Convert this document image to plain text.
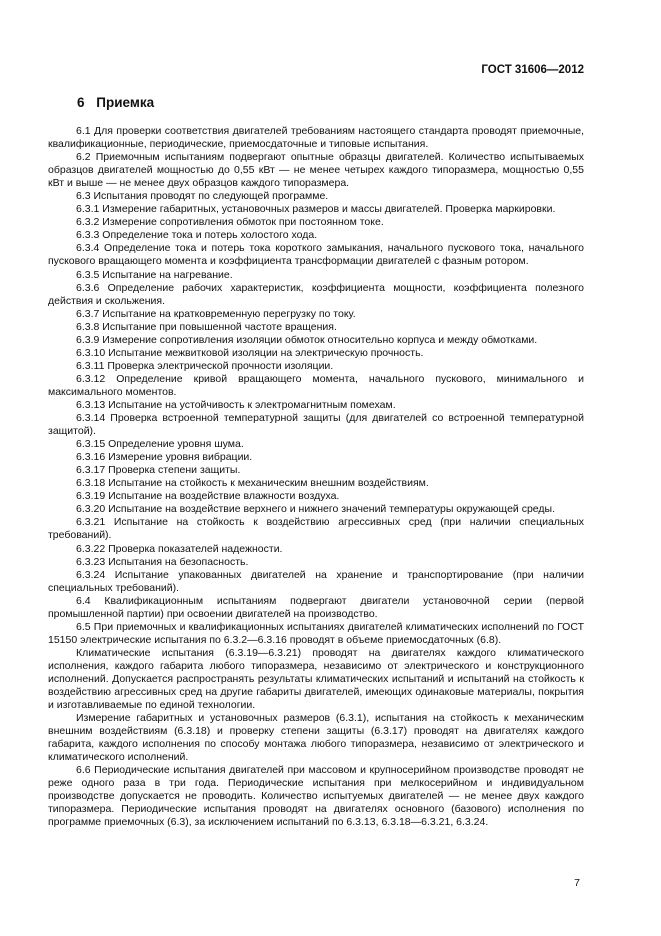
ГОСТ 31606—2012
6 Приемка

6.1 Для проверки соответствия двигателей требованиям настоящего стандарта проводят приемочные, квалификационные, периодические, приемосдаточные и типовые испытания.

6.2 Приемочным испытаниям подвергают опытные образцы двигателей. Количество испытываемых образцов двигателей мощностью до 0,55 кВт — не менее четырех каждого типоразмера, мощностью 0,55 кВт и выше — не менее двух образцов каждого типоразмера.

6.3 Испытания проводят по следующей программе.

6.3.1 Измерение габаритных, установочных размеров и массы двигателей. Проверка маркировки.

6.3.2 Измерение сопротивления обмоток при постоянном токе.

6.3.3 Определение тока и потерь холостого хода.

6.3.4 Определение тока и потерь тока короткого замыкания, начального пускового тока, начального пускового вращающего момента и коэффициента трансформации двигателей с фазным ротором.

6.3.5 Испытание на нагревание.

6.3.6 Определение рабочих характеристик, коэффициента мощности, коэффициента полезного действия и скольжения.

6.3.7 Испытание на кратковременную перегрузку по току.

6.3.8 Испытание при повышенной частоте вращения.

6.3.9 Измерение сопротивления изоляции обмоток относительно корпуса и между обмотками.

6.3.10 Испытание межвитковой изоляции на электрическую прочность.

6.3.11 Проверка электрической прочности изоляции.

6.3.12 Определение кривой вращающего момента, начального пускового, минимального и максимального моментов.

6.3.13 Испытание на устойчивость к электромагнитным помехам.

6.3.14 Проверка встроенной температурной защиты (для двигателей со встроенной температурной защитой).

6.3.15 Определение уровня шума.

6.3.16 Измерение уровня вибрации.

6.3.17 Проверка степени защиты.

6.3.18 Испытание на стойкость к механическим внешним воздействиям.

6.3.19 Испытание на воздействие влажности воздуха.

6.3.20 Испытание на воздействие верхнего и нижнего значений температуры окружающей среды.

6.3.21 Испытание на стойкость к воздействию агрессивных сред (при наличии специальных требований).

6.3.22 Проверка показателей надежности.

6.3.23 Испытания на безопасность.

6.3.24 Испытание упакованных двигателей на хранение и транспортирование (при наличии специальных требований).

6.4 Квалификационным испытаниям подвергают двигатели установочной серии (первой промышленной партии) при освоении двигателей на производство.

6.5 При приемочных и квалификационных испытаниях двигателей климатических исполнений по ГОСТ 15150 электрические испытания по 6.3.2—6.3.16 проводят в объеме приемосдаточных (6.8).

Климатические испытания (6.3.19—6.3.21) проводят на двигателях каждого климатического исполнения, каждого габарита любого типоразмера, независимо от электрического и конструкционного исполнений. Допускается распространять результаты климатических испытаний и испытаний на стойкость к воздействию агрессивных сред на другие габариты двигателей, имеющих одинаковые материалы, покрытия и изготавливаемые по единой технологии.

Измерение габаритных и установочных размеров (6.3.1), испытания на стойкость к механическим внешним воздействиям (6.3.18) и проверку степени защиты (6.3.17) проводят на двигателях каждого габарита, каждого исполнения по способу монтажа любого типоразмера, независимо от электрического и климатического исполнений.

6.6 Периодические испытания двигателей при массовом и крупносерийном производстве проводят не реже одного раза в три года. Периодические испытания при мелкосерийном и индивидуальном производстве допускается не проводить. Количество испытуемых двигателей — не менее двух каждого типоразмера. Периодические испытания проводят на двигателях основного (базового) исполнения по программе приемочных (6.3), за исключением испытаний по 6.3.13, 6.3.18—6.3.21, 6.3.24.

7
